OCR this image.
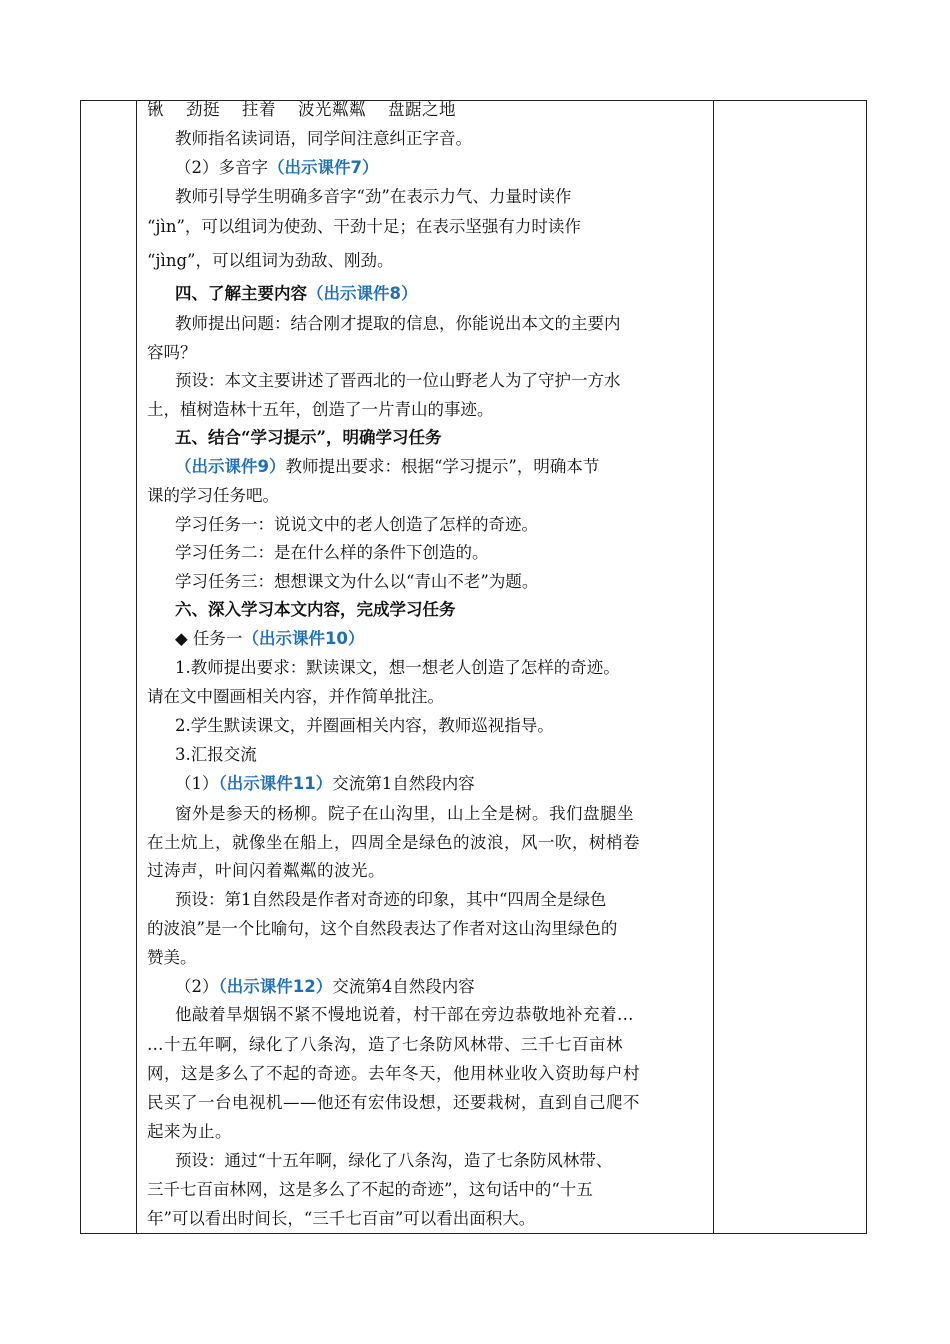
锹 劲挺 拄着 波光粼粼 盘踞之地
教师指名读词语，同学间注意纠正字音。
（2）多音字（出示课件7）
教师引导学生明确多音字“劲”在表示力气、力量时读作
“jìn”，可以组词为使劲、干劲十足；在表示坚强有力时读作
“jìng”，可以组词为劲敌、刚劲。
四、了解主要内容（出示课件8）
教师提出问题：结合刚才提取的信息，你能说出本文的主要内
容吗？
预设：本文主要讲述了晋西北的一位山野老人为了守护一方水
土，植树造林十五年，创造了一片青山的事迹。
五、结合“学习提示”，明确学习任务
（出示课件9）教师提出要求：根据“学习提示”，明确本节
课的学习任务吧。
学习任务一：说说文中的老人创造了怎样的奇迹。
学习任务二：是在什么样的条件下创造的。
学习任务三：想想课文为什么以“青山不老”为题。
六、深入学习本文内容，完成学习任务
◆ 任务一（出示课件10）
1.教师提出要求：默读课文，想一想老人创造了怎样的奇迹。
请在文中圈画相关内容，并作简单批注。
2.学生默读课文，并圈画相关内容，教师巡视指导。
3.汇报交流
（1）（出示课件11）交流第1自然段内容
窗外是参天的杨柳。院子在山沟里，山上全是树。我们盘腿坐
在土炕上，就像坐在船上，四周全是绿色的波浪，风一吹，树梢卷
过涛声，叶间闪着粼粼的波光。
预设：第1自然段是作者对奇迹的印象，其中“四周全是绿色
的波浪”是一个比喻句，这个自然段表达了作者对这山沟里绿色的
赞美。
（2）（出示课件12）交流第4自然段内容
他敲着旱烟锅不紧不慢地说着，村干部在旁边恭敬地补充着…
…十五年啊，绿化了八条沟，造了七条防风林带、三千七百亩林
网，这是多么了不起的奇迹。去年冬天，他用林业收入资助每户村
民买了一台电视机——他还有宏伟设想，还要栽树，直到自己爬不
起来为止。
预设：通过“十五年啊，绿化了八条沟，造了七条防风林带、
三千七百亩林网，这是多么了不起的奇迹”，这句话中的“十五
年”可以看出时间长，“三千七百亩”可以看出面积大。
